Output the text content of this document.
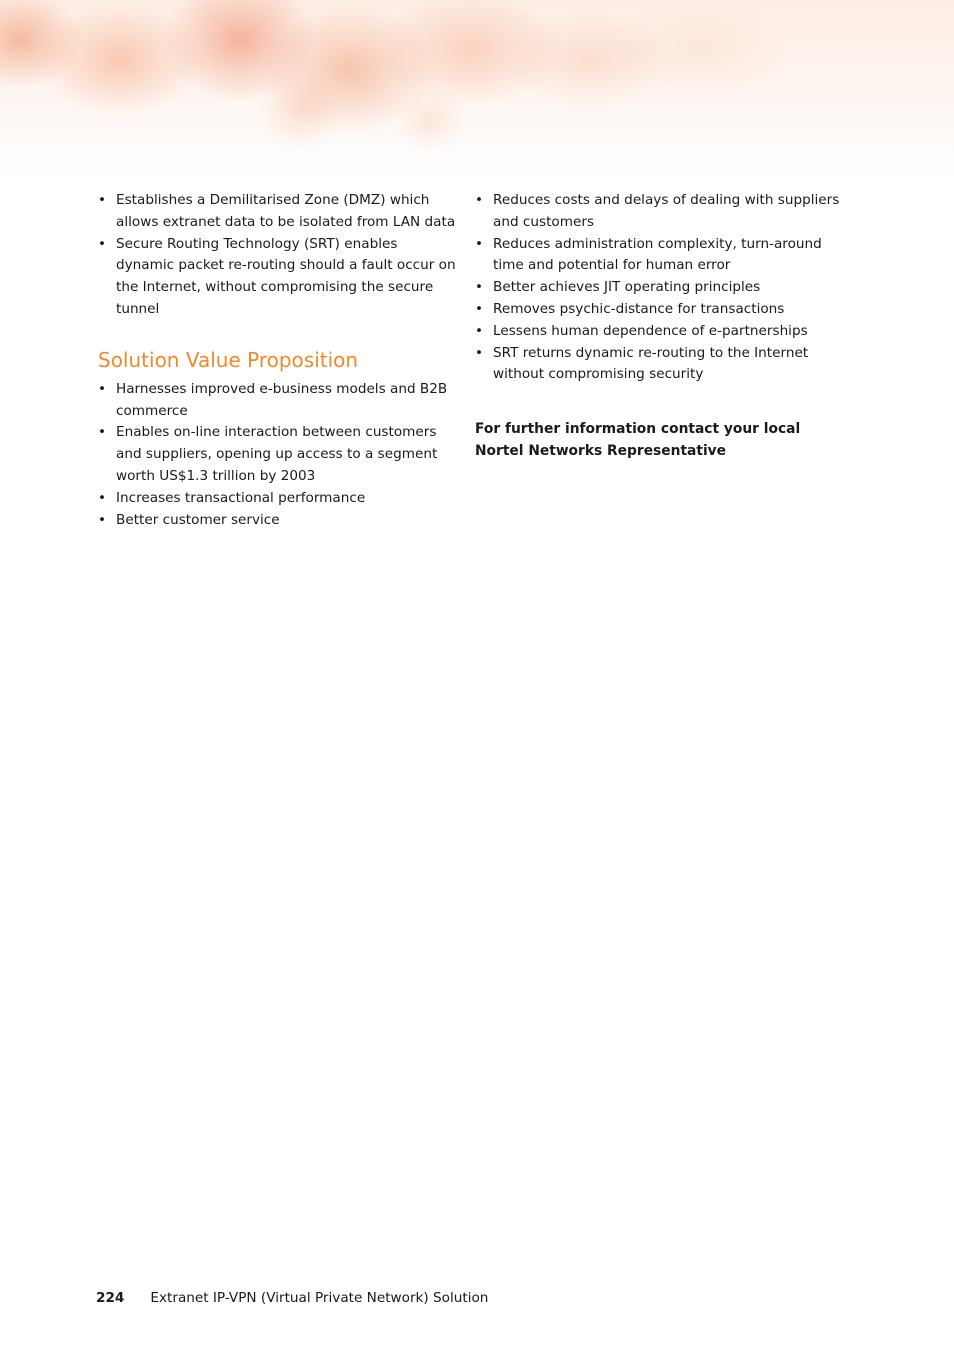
• Establishes a Demilitarised Zone (DMZ) which allows extranet data to be isolated from LAN data
• Secure Routing Technology (SRT) enables dynamic packet re-routing should a fault occur on the Internet, without compromising the secure tunnel
Solution Value Proposition
• Harnesses improved e-business models and B2B commerce
• Enables on-line interaction between customers and suppliers, opening up access to a segment worth US$1.3 trillion by 2003
• Increases transactional performance
• Better customer service
• Reduces costs and delays of dealing with suppliers and customers
• Reduces administration complexity, turn-around time and potential for human error
• Better achieves JIT operating principles
• Removes psychic-distance for transactions
• Lessens human dependence of e-partnerships
• SRT returns dynamic re-routing to the Internet without compromising security
For further information contact your local
Nortel Networks Representative
224 Extranet IP-VPN (Virtual Private Network) Solution
